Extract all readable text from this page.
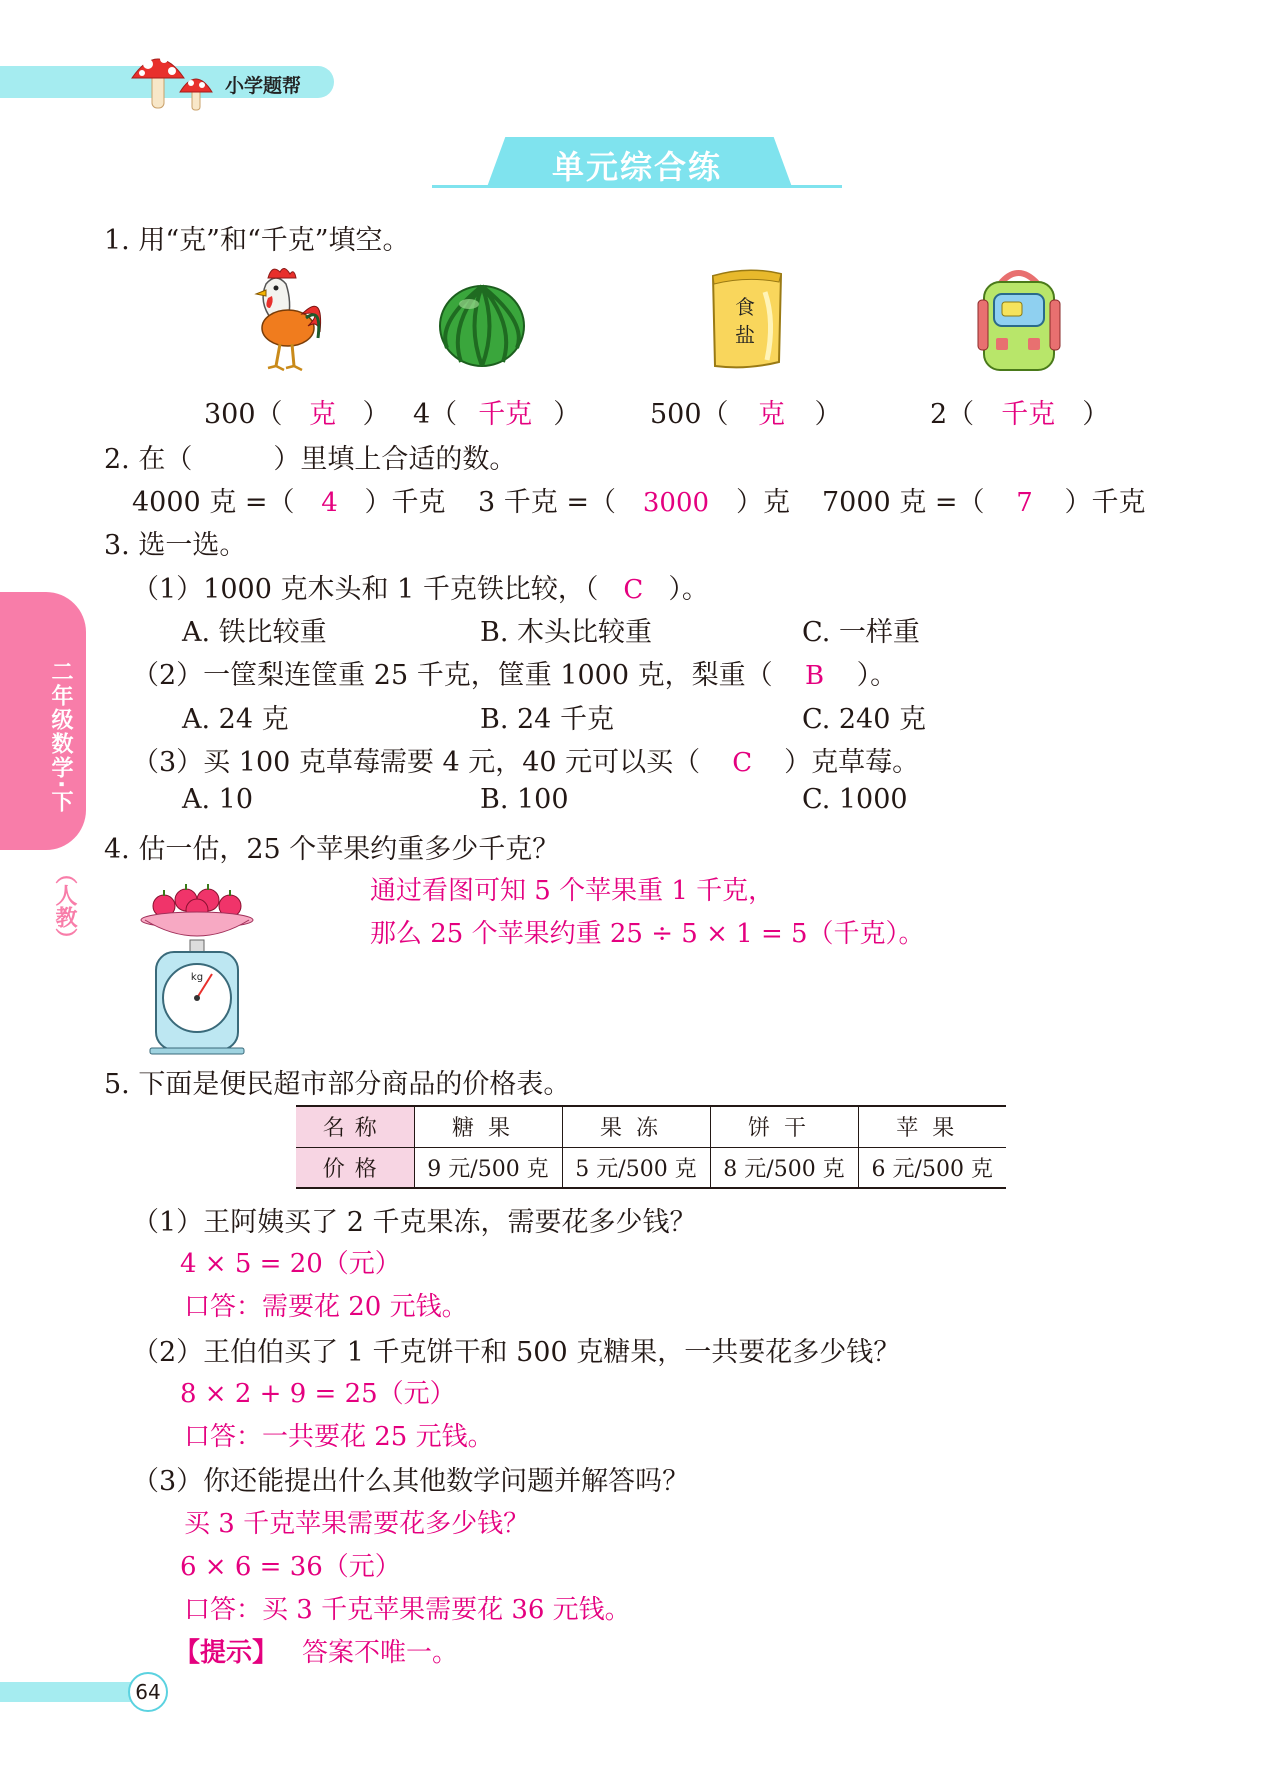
小学题帮
单元综合练
二年级数学·下
（人教）
1. 用“克”和“千克”填空。
食
盐
300（ 克 ） 4（ 千克 ）	500（ 克 ）	2（ 千克 ）
2. 在（　　　）里填上合适的数。
4000 克 =（ 4 ）千克 3 千克 =（ 3000 ）克 7000 克 =（ 7 ）千克
3. 选一选。
（1）1000 克木头和 1 千克铁比较，（ C ）。
A. 铁比较重	B. 木头比较重	C. 一样重
（2）一筐梨连筐重 25 千克，筐重 1000 克，梨重（ B ）。
A. 24 克	B. 24 千克	C. 240 克
（3）买 100 克草莓需要 4 元，40 元可以买（ C ）克草莓。
A. 10	B. 100	C. 1000
4. 估一估，25 个苹果约重多少千克？
kg
通过看图可知 5 个苹果重 1 千克，
那么 25 个苹果约重 25 ÷ 5 × 1 = 5（千克）。
5. 下面是便民超市部分商品的价格表。
名称	糖果	果冻	饼干	苹果
价格	9 元/500 克	5 元/500 克	8 元/500 克	6 元/500 克
（1）王阿姨买了 2 千克果冻，需要花多少钱？
4 × 5 = 20（元）
口答：需要花 20 元钱。
（2）王伯伯买了 1 千克饼干和 500 克糖果，一共要花多少钱？
8 × 2 + 9 = 25（元）
口答：一共要花 25 元钱。
（3）你还能提出什么其他数学问题并解答吗？
买 3 千克苹果需要花多少钱？
6 × 6 = 36（元）
口答：买 3 千克苹果需要花 36 元钱。
【提示】 答案不唯一。
64
